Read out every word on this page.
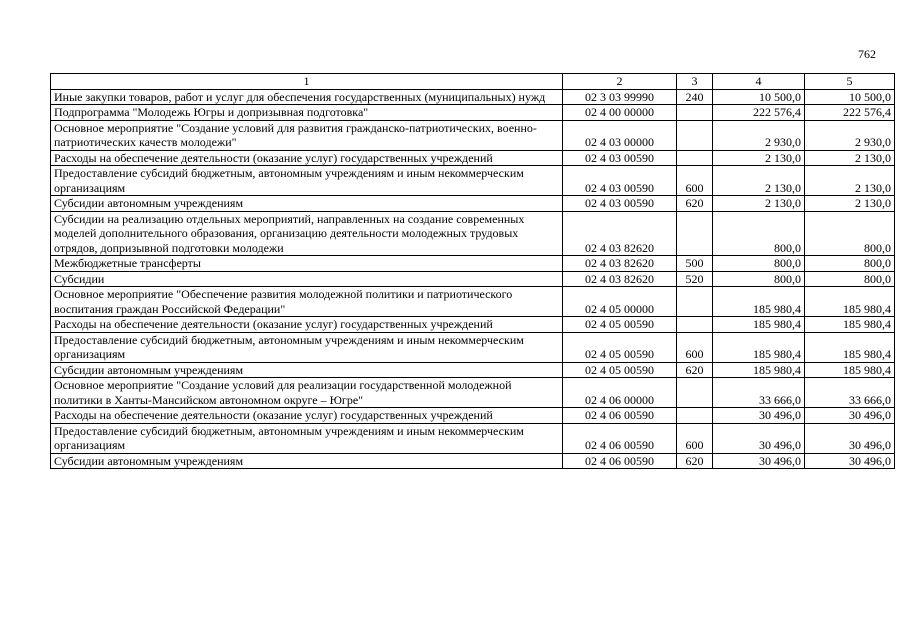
762
1	2	3	4	5
Иные закупки товаров, работ и услуг для обеспечения государственных (муниципальных) нужд	02 3 03 99990	240	10 500,0	10 500,0
Подпрограмма "Молодежь Югры и допризывная подготовка"	02 4 00 00000		222 576,4	222 576,4
Основное мероприятие "Создание условий для развития гражданско-патриотических, военно-патриотических качеств молодежи"	02 4 03 00000		2 930,0	2 930,0
Расходы на обеспечение деятельности (оказание услуг) государственных учреждений	02 4 03 00590		2 130,0	2 130,0
Предоставление субсидий бюджетным, автономным учреждениям и иным некоммерческим организациям	02 4 03 00590	600	2 130,0	2 130,0
Субсидии автономным учреждениям	02 4 03 00590	620	2 130,0	2 130,0
Субсидии на реализацию отдельных мероприятий, направленных на создание современных моделей дополнительного образования, организацию деятельности молодежных трудовых отрядов, допризывной подготовки молодежи	02 4 03 82620		800,0	800,0
Межбюджетные трансферты	02 4 03 82620	500	800,0	800,0
Субсидии	02 4 03 82620	520	800,0	800,0
Основное мероприятие "Обеспечение развития молодежной политики и патриотического воспитания граждан Российской Федерации"	02 4 05 00000		185 980,4	185 980,4
Расходы на обеспечение деятельности (оказание услуг) государственных учреждений	02 4 05 00590		185 980,4	185 980,4
Предоставление субсидий бюджетным, автономным учреждениям и иным некоммерческим организациям	02 4 05 00590	600	185 980,4	185 980,4
Субсидии автономным учреждениям	02 4 05 00590	620	185 980,4	185 980,4
Основное мероприятие "Создание условий для реализации государственной молодежной политики в Ханты-Мансийском автономном округе – Югре"	02 4 06 00000		33 666,0	33 666,0
Расходы на обеспечение деятельности (оказание услуг) государственных учреждений	02 4 06 00590		30 496,0	30 496,0
Предоставление субсидий бюджетным, автономным учреждениям и иным некоммерческим организациям	02 4 06 00590	600	30 496,0	30 496,0
Субсидии автономным учреждениям	02 4 06 00590	620	30 496,0	30 496,0
